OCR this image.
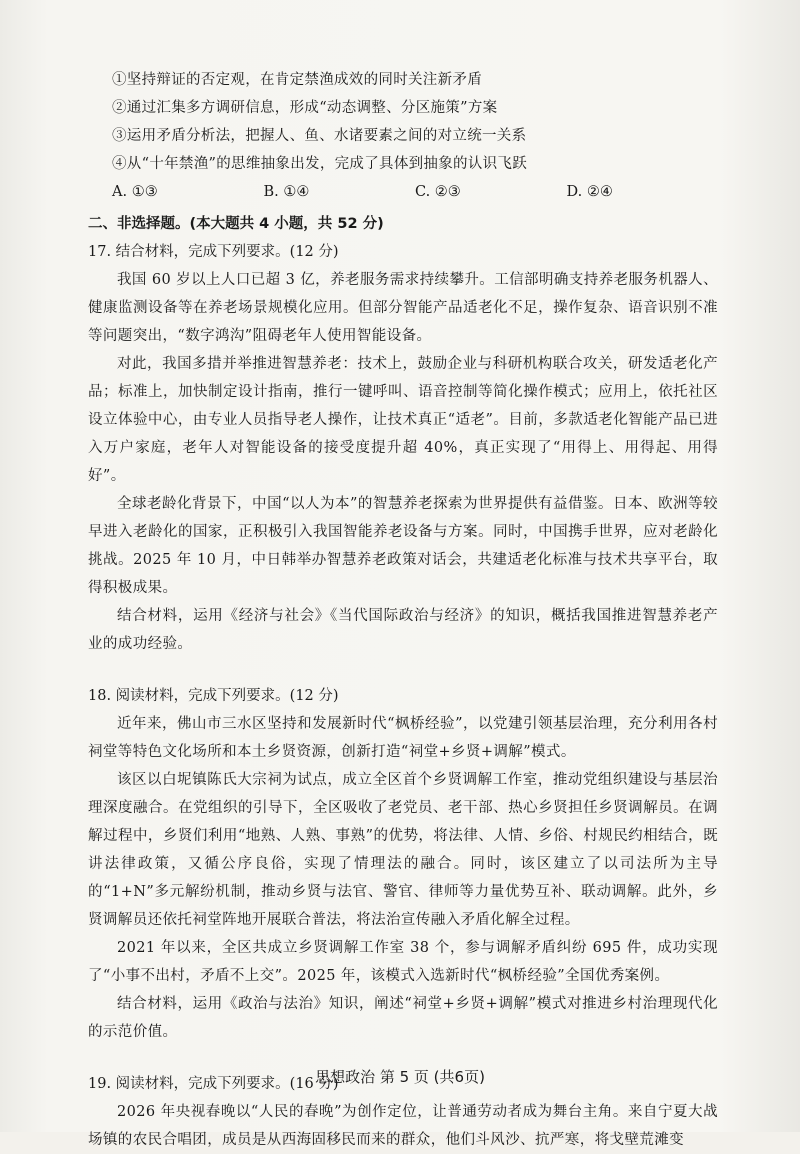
①坚持辩证的否定观，在肯定禁渔成效的同时关注新矛盾
②通过汇集多方调研信息，形成“动态调整、分区施策”方案
③运用矛盾分析法，把握人、鱼、水诸要素之间的对立统一关系
④从“十年禁渔”的思维抽象出发，完成了具体到抽象的认识飞跃
A. ①③	B. ①④	C. ②③	D. ②④
二、非选择题。(本大题共 4 小题，共 52 分)
17. 结合材料，完成下列要求。(12 分)
我国 60 岁以上人口已超 3 亿，养老服务需求持续攀升。工信部明确支持养老服务机器人、健康监测设备等在养老场景规模化应用。但部分智能产品适老化不足，操作复杂、语音识别不准等问题突出，“数字鸿沟”阻碍老年人使用智能设备。
对此，我国多措并举推进智慧养老：技术上，鼓励企业与科研机构联合攻关，研发适老化产品；标准上，加快制定设计指南，推行一键呼叫、语音控制等简化操作模式；应用上，依托社区设立体验中心，由专业人员指导老人操作，让技术真正“适老”。目前，多款适老化智能产品已进入万户家庭，老年人对智能设备的接受度提升超 40%，真正实现了“用得上、用得起、用得好”。
全球老龄化背景下，中国“以人为本”的智慧养老探索为世界提供有益借鉴。日本、欧洲等较早进入老龄化的国家，正积极引入我国智能养老设备与方案。同时，中国携手世界，应对老龄化挑战。2025 年 10 月，中日韩举办智慧养老政策对话会，共建适老化标准与技术共享平台，取得积极成果。
结合材料，运用《经济与社会》《当代国际政治与经济》的知识，概括我国推进智慧养老产业的成功经验。
18. 阅读材料，完成下列要求。(12 分)
近年来，佛山市三水区坚持和发展新时代“枫桥经验”，以党建引领基层治理，充分利用各村祠堂等特色文化场所和本土乡贤资源，创新打造“祠堂+乡贤+调解”模式。
该区以白坭镇陈氏大宗祠为试点，成立全区首个乡贤调解工作室，推动党组织建设与基层治理深度融合。在党组织的引导下，全区吸收了老党员、老干部、热心乡贤担任乡贤调解员。在调解过程中，乡贤们利用“地熟、人熟、事熟”的优势，将法律、人情、乡俗、村规民约相结合，既讲法律政策，又循公序良俗，实现了情理法的融合。同时，该区建立了以司法所为主导的“1+N”多元解纷机制，推动乡贤与法官、警官、律师等力量优势互补、联动调解。此外，乡贤调解员还依托祠堂阵地开展联合普法，将法治宣传融入矛盾化解全过程。
2021 年以来，全区共成立乡贤调解工作室 38 个，参与调解矛盾纠纷 695 件，成功实现了“小事不出村，矛盾不上交”。2025 年，该模式入选新时代“枫桥经验”全国优秀案例。
结合材料，运用《政治与法治》知识，阐述“祠堂+乡贤+调解”模式对推进乡村治理现代化的示范价值。
19. 阅读材料，完成下列要求。(16 分)
2026 年央视春晚以“人民的春晚”为创作定位，让普通劳动者成为舞台主角。来自宁夏大战场镇的农民合唱团，成员是从西海固移民而来的群众，他们斗风沙、抗严寒，将戈壁荒滩变
思想政治 第 5 页 (共6页)
